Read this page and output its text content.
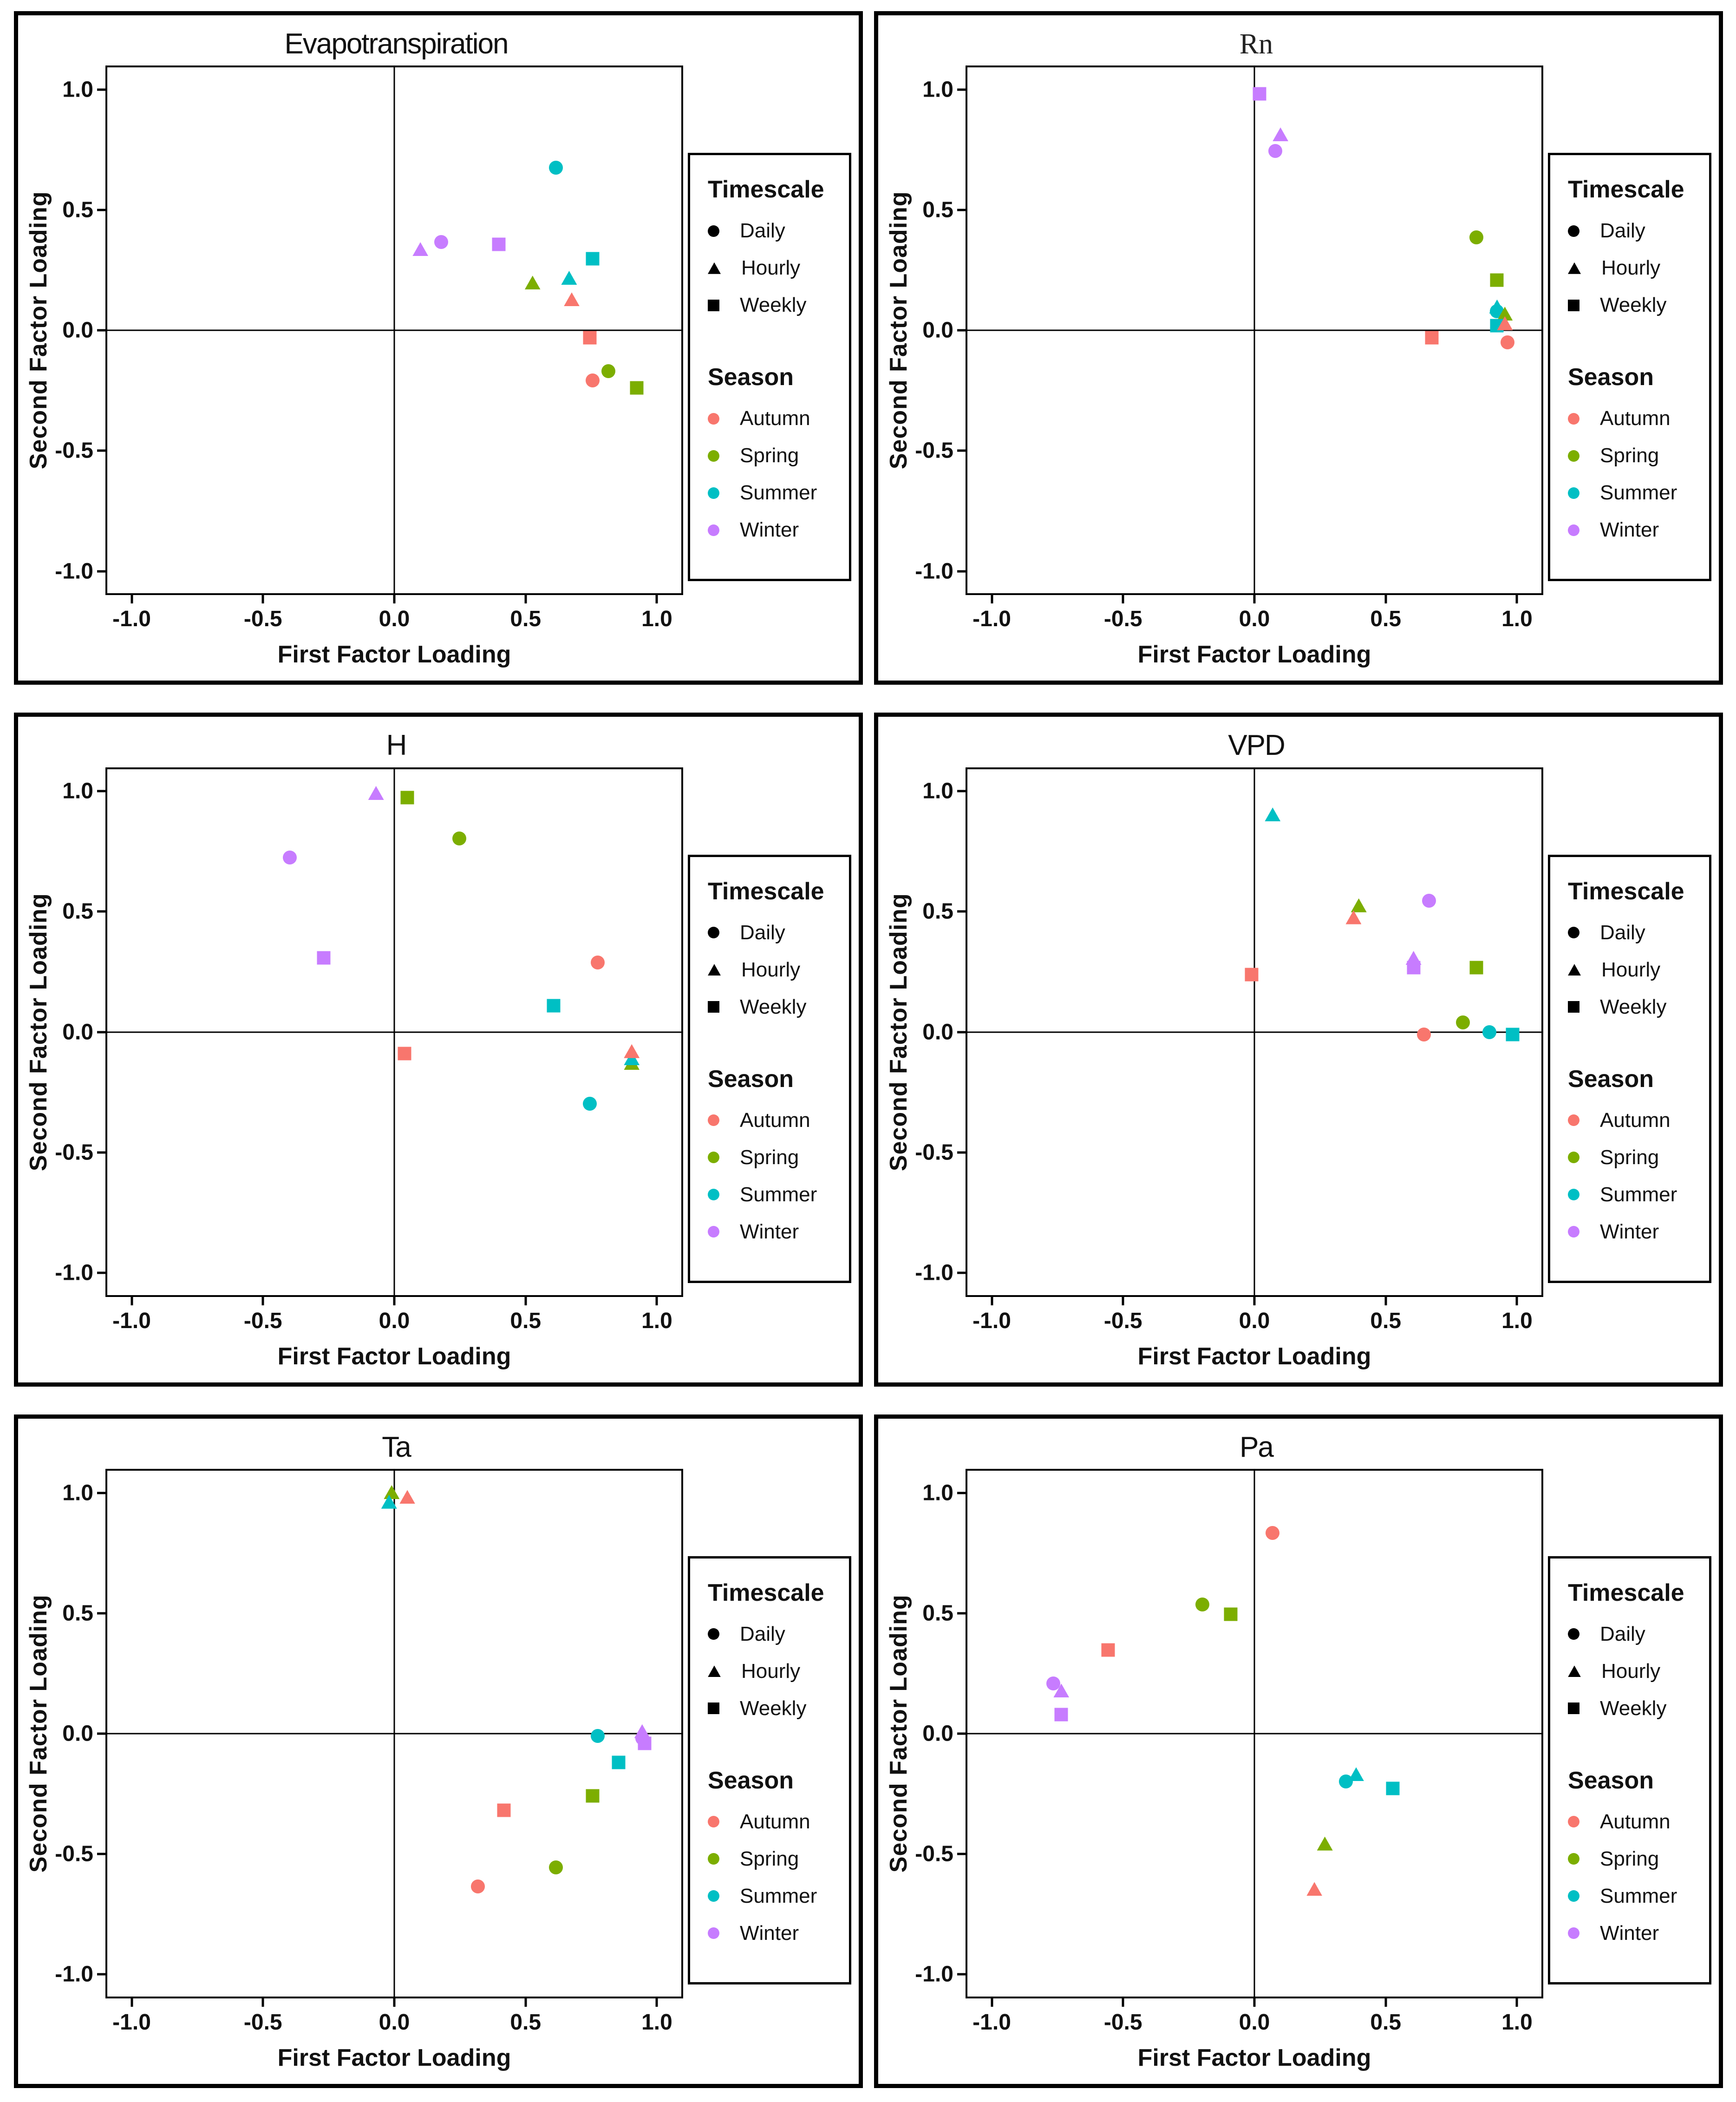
Evapotranspiration
Second Factor Loading
1.0
0.5
0.0
-0.5
-1.0
-1.0	-0.5	0.0	0.5	1.0
First Factor Loading
Timescale
Daily
Hourly
Weekly
Season
Autumn
Spring
Summer
Winter
Rn
Second Factor Loading
1.0
0.5
0.0
-0.5
-1.0
-1.0	-0.5	0.0	0.5	1.0
First Factor Loading
Timescale
Daily
Hourly
Weekly
Season
Autumn
Spring
Summer
Winter
H
Second Factor Loading
1.0
0.5
0.0
-0.5
-1.0
-1.0	-0.5	0.0	0.5	1.0
First Factor Loading
Timescale
Daily
Hourly
Weekly
Season
Autumn
Spring
Summer
Winter
VPD
Second Factor Loading
1.0
0.5
0.0
-0.5
-1.0
-1.0	-0.5	0.0	0.5	1.0
First Factor Loading
Timescale
Daily
Hourly
Weekly
Season
Autumn
Spring
Summer
Winter
Ta
Second Factor Loading
1.0
0.5
0.0
-0.5
-1.0
-1.0	-0.5	0.0	0.5	1.0
First Factor Loading
Timescale
Daily
Hourly
Weekly
Season
Autumn
Spring
Summer
Winter
Pa
Second Factor Loading
1.0
0.5
0.0
-0.5
-1.0
-1.0	-0.5	0.0	0.5	1.0
First Factor Loading
Timescale
Daily
Hourly
Weekly
Season
Autumn
Spring
Summer
Winter
